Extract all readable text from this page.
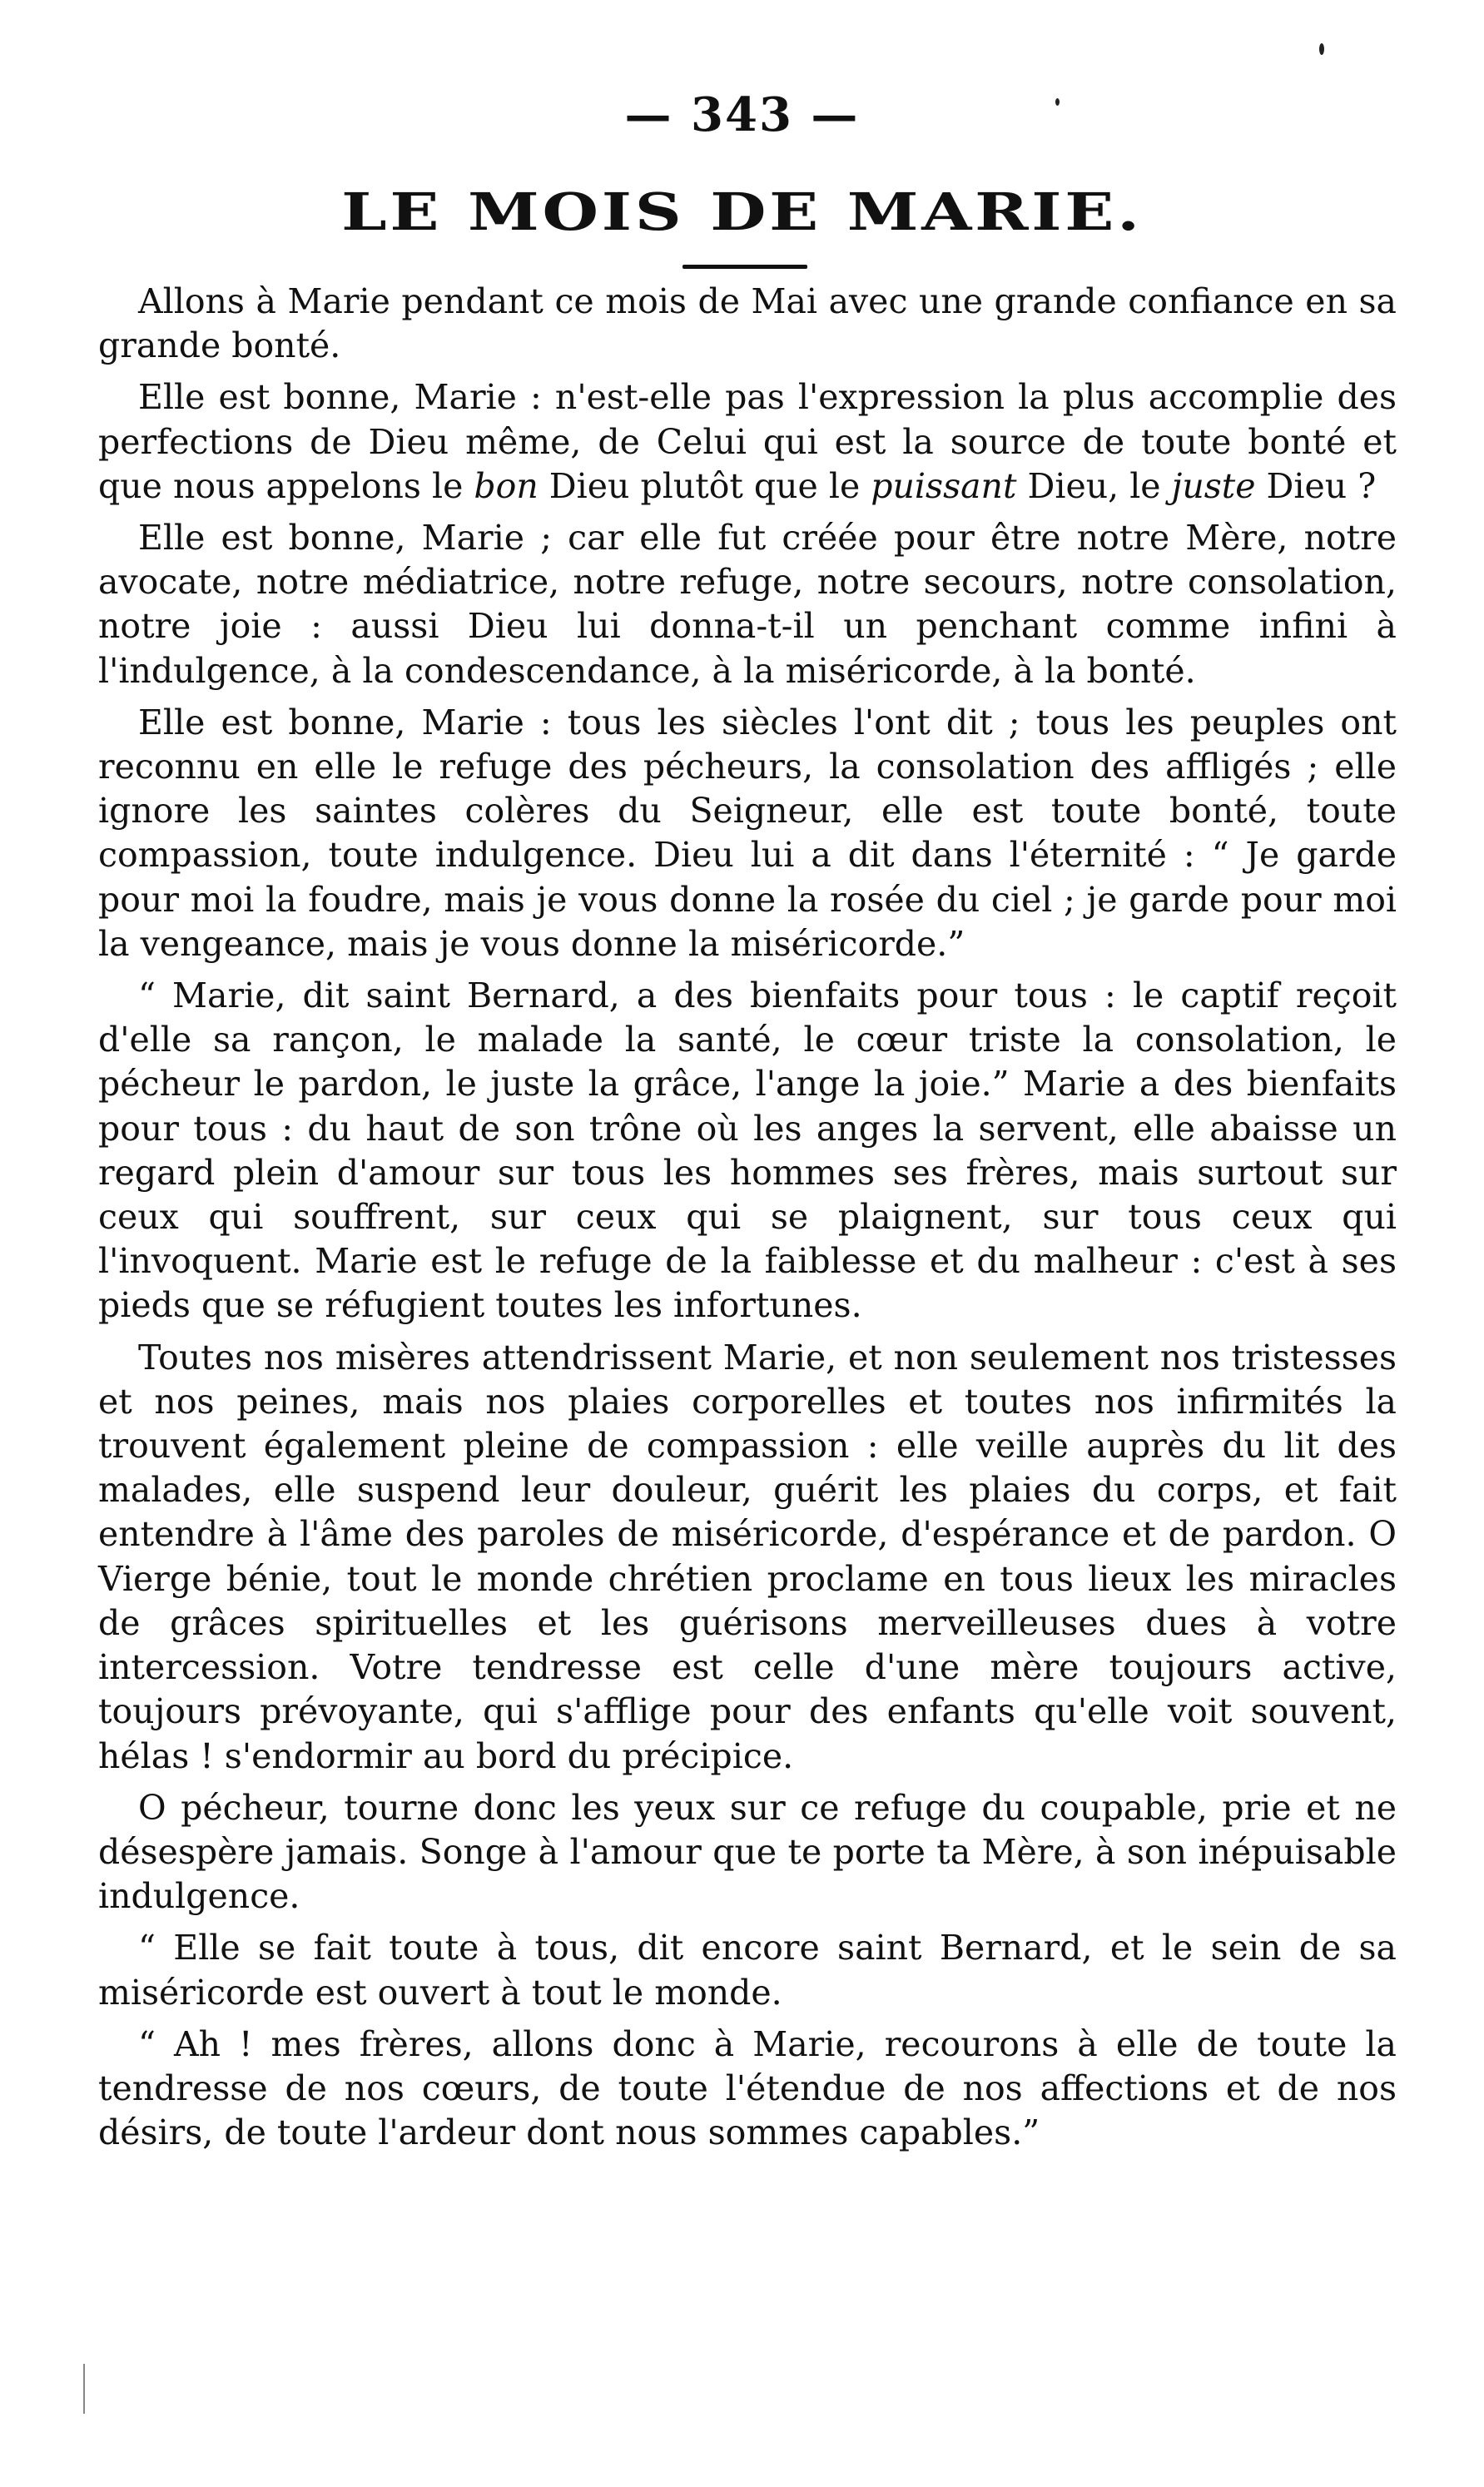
— 343 —
LE MOIS DE MARIE.

Allons à Marie pendant ce mois de Mai avec une grande confiance en sa grande bonté.

Elle est bonne, Marie : n'est-elle pas l'expression la plus accomplie des perfections de Dieu même, de Celui qui est la source de toute bonté et que nous appelons le bon Dieu plutôt que le puissant Dieu, le juste Dieu ?

Elle est bonne, Marie ; car elle fut créée pour être notre Mère, notre avocate, notre médiatrice, notre refuge, notre secours, notre consolation, notre joie : aussi Dieu lui donna-t-il un penchant comme infini à l'indulgence, à la condescendance, à la miséricorde, à la bonté.

Elle est bonne, Marie : tous les siècles l'ont dit ; tous les peuples ont reconnu en elle le refuge des pécheurs, la consolation des affligés ; elle ignore les saintes colères du Seigneur, elle est toute bonté, toute compassion, toute indulgence. Dieu lui a dit dans l'éternité : “ Je garde pour moi la foudre, mais je vous donne la rosée du ciel ; je garde pour moi la vengeance, mais je vous donne la miséricorde.”

“ Marie, dit saint Bernard, a des bienfaits pour tous : le captif reçoit d'elle sa rançon, le malade la santé, le cœur triste la consolation, le pécheur le pardon, le juste la grâce, l'ange la joie.” Marie a des bienfaits pour tous : du haut de son trône où les anges la servent, elle abaisse un regard plein d'amour sur tous les hommes ses frères, mais surtout sur ceux qui souffrent, sur ceux qui se plaignent, sur tous ceux qui l'invoquent. Marie est le refuge de la faiblesse et du malheur : c'est à ses pieds que se réfugient toutes les infortunes.

Toutes nos misères attendrissent Marie, et non seulement nos tristesses et nos peines, mais nos plaies corporelles et toutes nos infirmités la trouvent également pleine de compassion : elle veille auprès du lit des malades, elle suspend leur douleur, guérit les plaies du corps, et fait entendre à l'âme des paroles de miséricorde, d'espérance et de pardon. O Vierge bénie, tout le monde chrétien proclame en tous lieux les miracles de grâces spirituelles et les guérisons merveilleuses dues à votre intercession. Votre tendresse est celle d'une mère toujours active, toujours prévoyante, qui s'afflige pour des enfants qu'elle voit souvent, hélas ! s'endormir au bord du précipice.

O pécheur, tourne donc les yeux sur ce refuge du coupable, prie et ne désespère jamais. Songe à l'amour que te porte ta Mère, à son inépuisable indulgence.

“ Elle se fait toute à tous, dit encore saint Bernard, et le sein de sa miséricorde est ouvert à tout le monde.

“ Ah ! mes frères, allons donc à Marie, recourons à elle de toute la tendresse de nos cœurs, de toute l'étendue de nos affections et de nos désirs, de toute l'ardeur dont nous sommes capables.”
